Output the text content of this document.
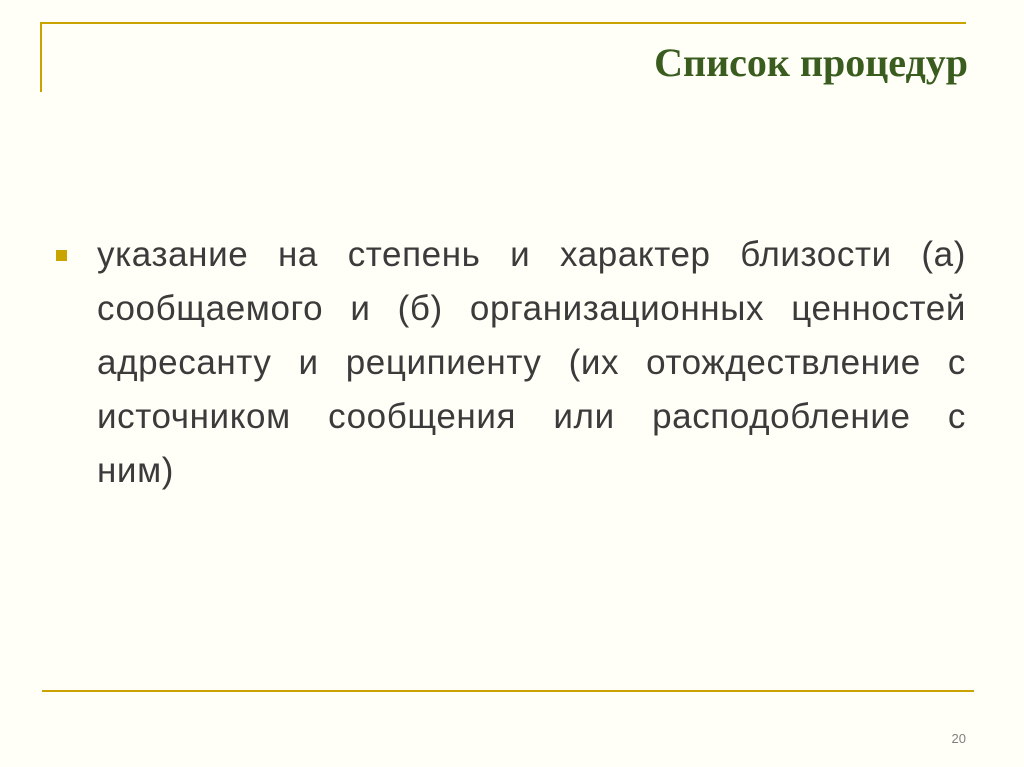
Список процедур
указание на степень и характер близости (а) сообщаемого и (б) организационных ценностей адресанту и реципиенту (их отождествление с источником сообщения или расподобление с ним)
20
